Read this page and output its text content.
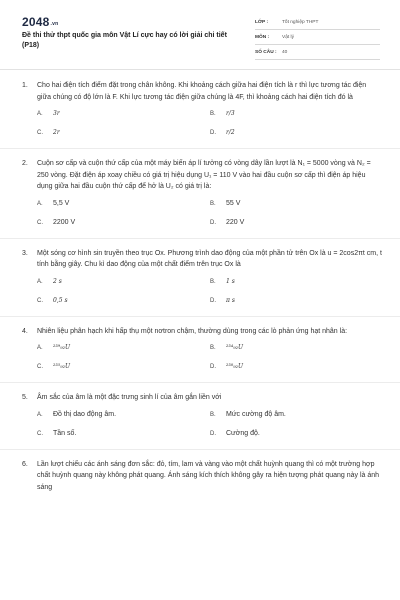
$2048^{.vn}$
Đề thi thử thpt quốc gia môn Vật Lí cực hay có lời giải chi tiết (P18)
LỚP :	Tốt nghiệp THPT
MÔN :	Vật lý
SỐ CÂU :	40
1.	Cho hai điện tích điểm đặt trong chân không. Khi khoảng cách giữa hai điện tích là r thì lực tương tác điện giữa chúng có độ lớn là F. Khi lực tương tác điện giữa chúng là 4F, thì khoảng cách hai điện tích đó là
A.	3r	B.	r/3
C.	2r	D.	r/2
2.	Cuộn sơ cấp và cuộn thứ cấp của một máy biến áp lí tưởng có vòng dây lần lượt là N₁ = 5000 vòng và N₂ = 250 vòng. Đặt điện áp xoay chiều có giá trị hiệu dụng U₁ = 110 V vào hai đầu cuộn sơ cấp thì điện áp hiệu dụng giữa hai đầu cuộn thứ cấp để hở là U₂ có giá trị là:
A.	5,5 V	B.	55 V
C.	2200 V	D.	220 V
3.	Một sóng cơ hình sin truyền theo trục Ox. Phương trình dao động của một phần tử trên Ox là u = 2cos2πt cm, t tính bằng giây. Chu kì dao động của một chất điểm trên trục Ox là
A.	2 s	B.	1 s
C.	0,5 s	D.	π s
4.	Nhiên liệu phân hạch khi hấp thụ một nơtron chậm, thường dùng trong các lò phản ứng hạt nhân là:
A.	²³⁹₉₂U	B.	²³⁴₉₂U
C.	²³⁵₉₂U	D.	²³⁸₉₂U
5.	Âm sắc của âm là một đặc trưng sinh lí của âm gắn liền với
A.	Đồ thị dao động âm.	B.	Mức cường độ âm.
C.	Tần số.	D.	Cường độ.
6.	Lần lượt chiếu các ánh sáng đơn sắc: đỏ, tím, lam và vàng vào một chất huỳnh quang thì có một trường hợp chất huỳnh quang này không phát quang. Ánh sáng kích thích không gây ra hiện tượng phát quang này là ánh sáng
